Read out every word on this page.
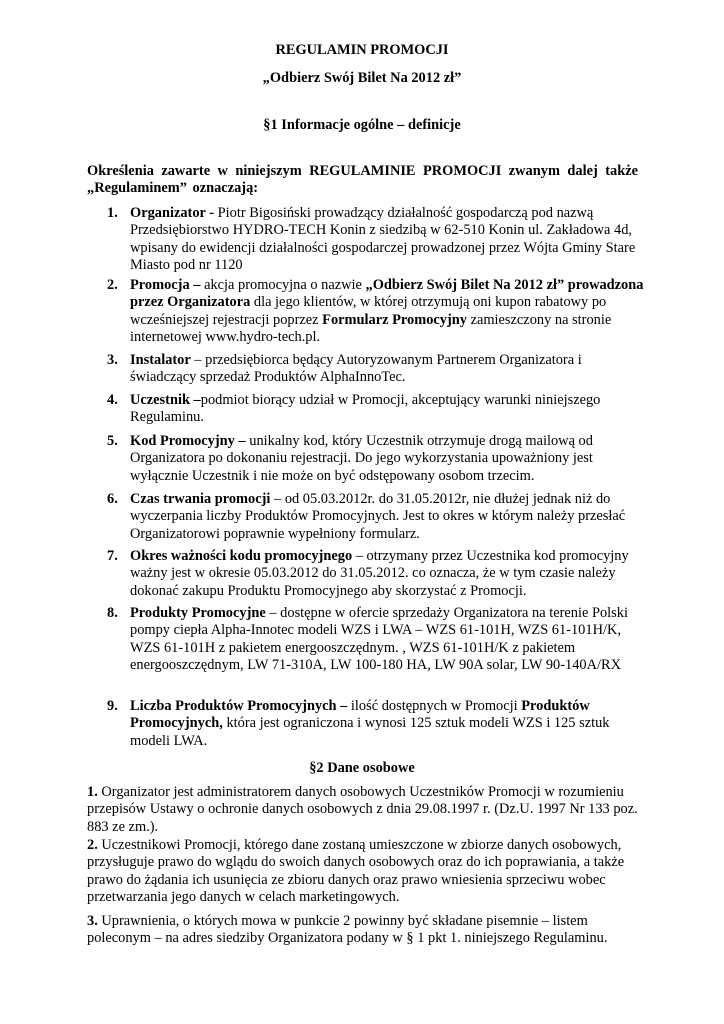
REGULAMIN PROMOCJI
„Odbierz Swój Bilet Na 2012 zł”
§1 Informacje ogólne – definicje
Określenia zawarte w niniejszym REGULAMINIE PROMOCJI zwanym dalej także „Regulaminem” oznaczają:
1. Organizator - Piotr Bigosiński prowadzący działalność gospodarczą pod nazwą Przedsiębiorstwo HYDRO-TECH Konin z siedzibą w 62-510 Konin ul. Zakładowa 4d, wpisany do ewidencji działalności gospodarczej prowadzonej przez Wójta Gminy Stare Miasto pod nr 1120
2. Promocja – akcja promocyjna o nazwie „Odbierz Swój Bilet Na 2012 zł” prowadzona przez Organizatora dla jego klientów, w której otrzymują oni kupon rabatowy po wcześniejszej rejestracji poprzez Formularz Promocyjny zamieszczony na stronie internetowej www.hydro-tech.pl.
3. Instalator – przedsiębiorca będący Autoryzowanym Partnerem Organizatora i świadczący sprzedaż Produktów AlphaInnoTec.
4. Uczestnik –podmiot biorący udział w Promocji, akceptujący warunki niniejszego Regulaminu.
5. Kod Promocyjny – unikalny kod, który Uczestnik otrzymuje drogą mailową od Organizatora po dokonaniu rejestracji. Do jego wykorzystania upoważniony jest wyłącznie Uczestnik i nie może on być odstępowany osobom trzecim.
6. Czas trwania promocji – od 05.03.2012r. do 31.05.2012r, nie dłużej jednak niż do wyczerpania liczby Produktów Promocyjnych. Jest to okres w którym należy przesłać Organizatorowi poprawnie wypełniony formularz.
7. Okres ważności kodu promocyjnego – otrzymany przez Uczestnika kod promocyjny ważny jest w okresie 05.03.2012 do 31.05.2012. co oznacza, że w tym czasie należy dokonać zakupu Produktu Promocyjnego aby skorzystać z Promocji.
8. Produkty Promocyjne – dostępne w ofercie sprzedaży Organizatora na terenie Polski pompy ciepła Alpha-Innotec modeli WZS i LWA – WZS 61-101H, WZS 61-101H/K, WZS 61-101H z pakietem energooszczędnym. , WZS 61-101H/K z pakietem energooszczędnym, LW 71-310A, LW 100-180 HA, LW 90A solar, LW 90-140A/RX
9. Liczba Produktów Promocyjnych – ilość dostępnych w Promocji Produktów Promocyjnych, która jest ograniczona i wynosi 125 sztuk modeli WZS i 125 sztuk modeli LWA.
§2 Dane osobowe
1. Organizator jest administratorem danych osobowych Uczestników Promocji w rozumieniu przepisów Ustawy o ochronie danych osobowych z dnia 29.08.1997 r. (Dz.U. 1997 Nr 133 poz. 883 ze zm.).
2. Uczestnikowi Promocji, którego dane zostaną umieszczone w zbiorze danych osobowych, przysługuje prawo do wglądu do swoich danych osobowych oraz do ich poprawiania, a także prawo do żądania ich usunięcia ze zbioru danych oraz prawo wniesienia sprzeciwu wobec przetwarzania jego danych w celach marketingowych.
3. Uprawnienia, o których mowa w punkcie 2 powinny być składane pisemnie – listem poleconym – na adres siedziby Organizatora podany w § 1 pkt 1. niniejszego Regulaminu.
